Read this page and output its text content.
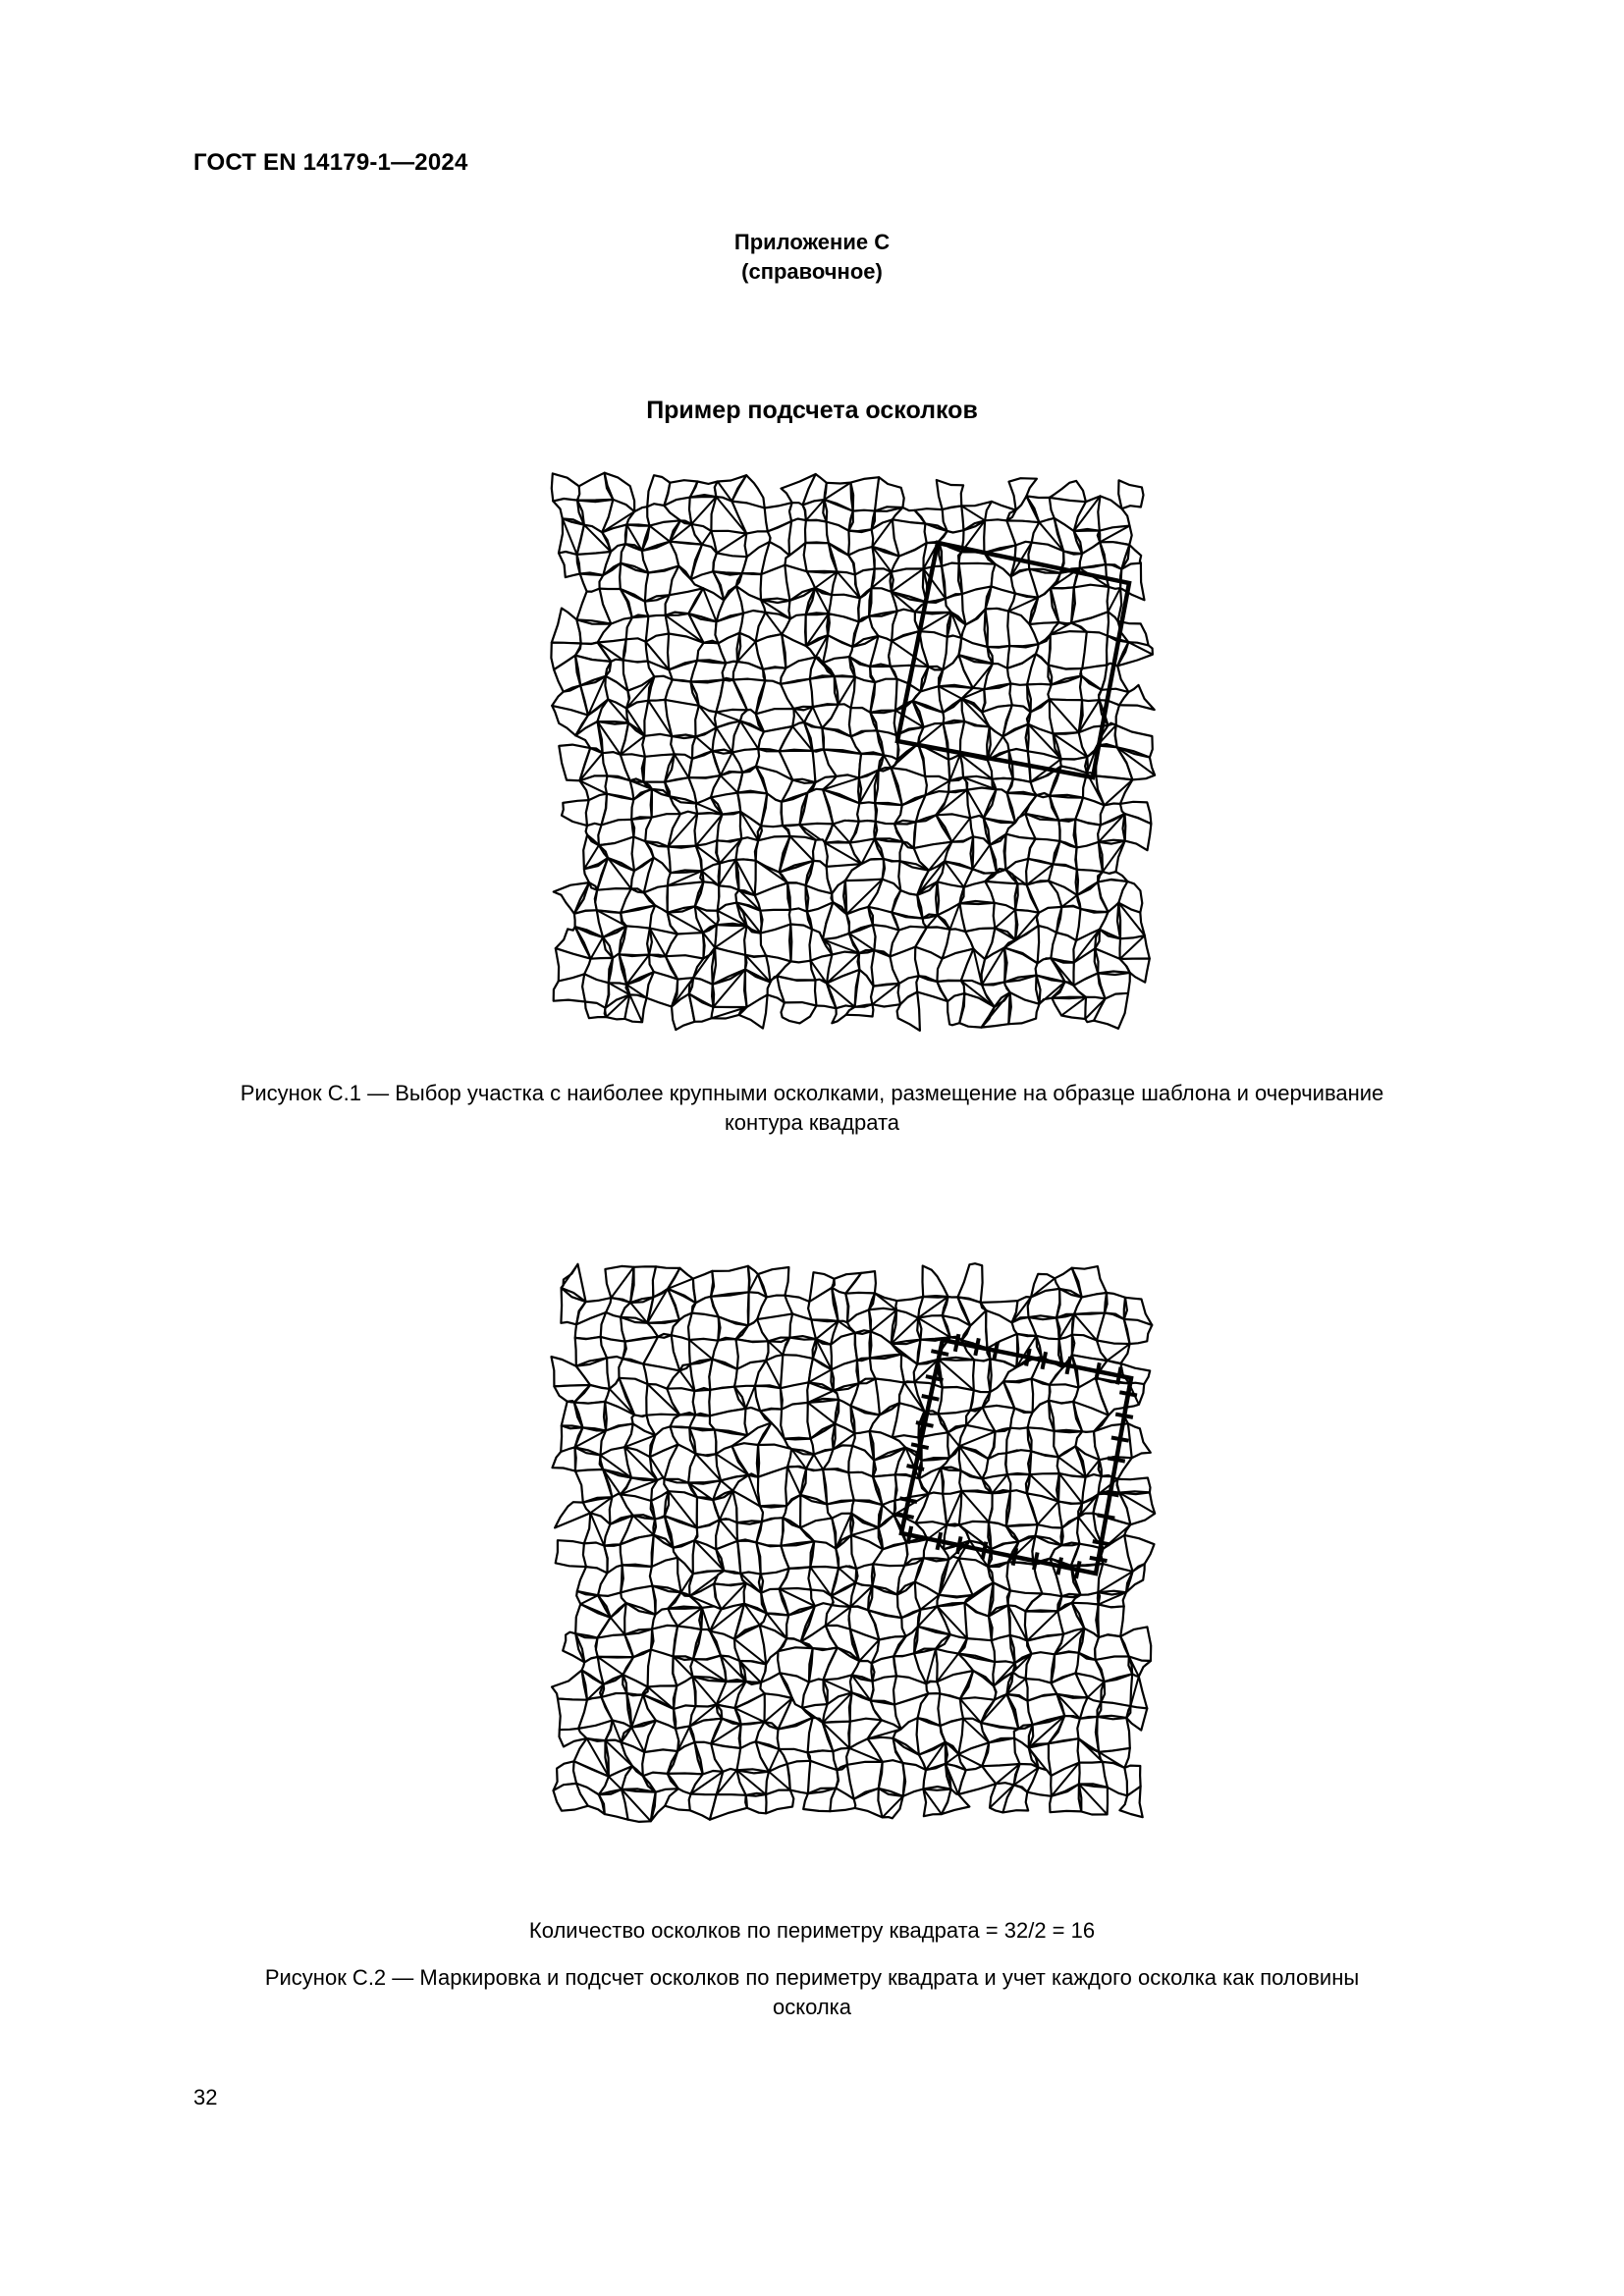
ГОСТ EN 14179-1—2024
Приложение С
(справочное)
Пример подсчета осколков
Рисунок С.1 — Выбор участка с наиболее крупными осколками, размещение на образце шаблона и очерчивание
контура квадрата
Количество осколков по периметру квадрата = 32/2 = 16
Рисунок С.2 — Маркировка и подсчет осколков по периметру квадрата и учет каждого осколка как половины
осколка
32
